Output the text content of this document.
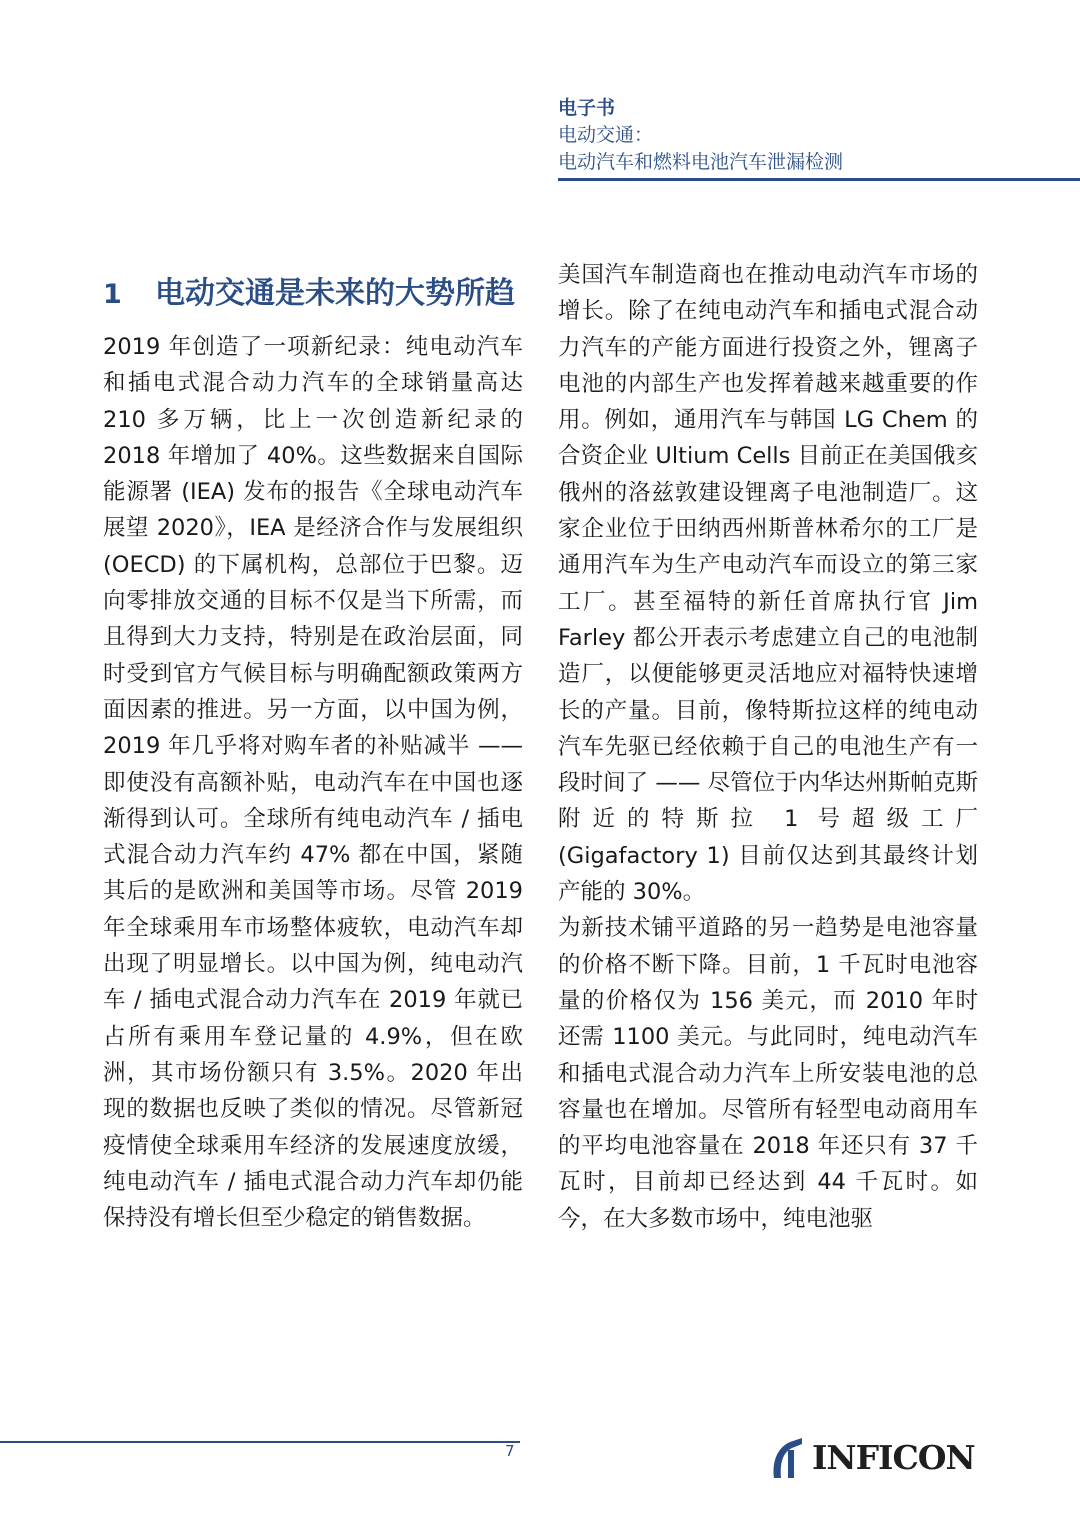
电子书
电动交通：
电动汽车和燃料电池汽车泄漏检测
1 电动交通是未来的大势所趋

2019 年创造了一项新纪录：纯电动汽车和插电式混合动力汽车的全球销量高达 210 多万辆，比上一次创造新纪录的 2018 年增加了 40%。这些数据来自国际能源署 (IEA) 发布的报告《全球电动汽车展望 2020》，IEA 是经济合作与发展组织 (OECD) 的下属机构，总部位于巴黎。迈向零排放交通的目标不仅是当下所需，而且得到大力支持，特别是在政治层面，同时受到官方气候目标与明确配额政策两方面因素的推进。另一方面，以中国为例，2019 年几乎将对购车者的补贴减半 —— 即使没有高额补贴，电动汽车在中国也逐渐得到认可。全球所有纯电动汽车 / 插电式混合动力汽车约 47% 都在中国，紧随其后的是欧洲和美国等市场。尽管 2019 年全球乘用车市场整体疲软，电动汽车却出现了明显增长。以中国为例，纯电动汽车 / 插电式混合动力汽车在 2019 年就已占所有乘用车登记量的 4.9%，但在欧洲，其市场份额只有 3.5%。2020 年出现的数据也反映了类似的情况。尽管新冠疫情使全球乘用车经济的发展速度放缓，纯电动汽车 / 插电式混合动力汽车却仍能保持没有增长但至少稳定的销售数据。

美国汽车制造商也在推动电动汽车市场的增长。除了在纯电动汽车和插电式混合动力汽车的产能方面进行投资之外，锂离子电池的内部生产也发挥着越来越重要的作用。例如，通用汽车与韩国 LG Chem 的合资企业 Ultium Cells 目前正在美国俄亥俄州的洛兹敦建设锂离子电池制造厂。这家企业位于田纳西州斯普林希尔的工厂是通用汽车为生产电动汽车而设立的第三家工厂。甚至福特的新任首席执行官 Jim Farley 都公开表示考虑建立自己的电池制造厂，以便能够更灵活地应对福特快速增长的产量。目前，像特斯拉这样的纯电动汽车先驱已经依赖于自己的电池生产有一段时间了 —— 尽管位于内华达州斯帕克斯附近的特斯拉 1 号超级工厂 (Gigafactory 1) 目前仅达到其最终计划产能的 30%。

为新技术铺平道路的另一趋势是电池容量的价格不断下降。目前，1 千瓦时电池容量的价格仅为 156 美元，而 2010 年时还需 1100 美元。与此同时，纯电动汽车和插电式混合动力汽车上所安装电池的总容量也在增加。尽管所有轻型电动商用车的平均电池容量在 2018 年还只有 37 千瓦时，目前却已经达到 44 千瓦时。如今，在大多数市场中，纯电池驱

7	INFICON
